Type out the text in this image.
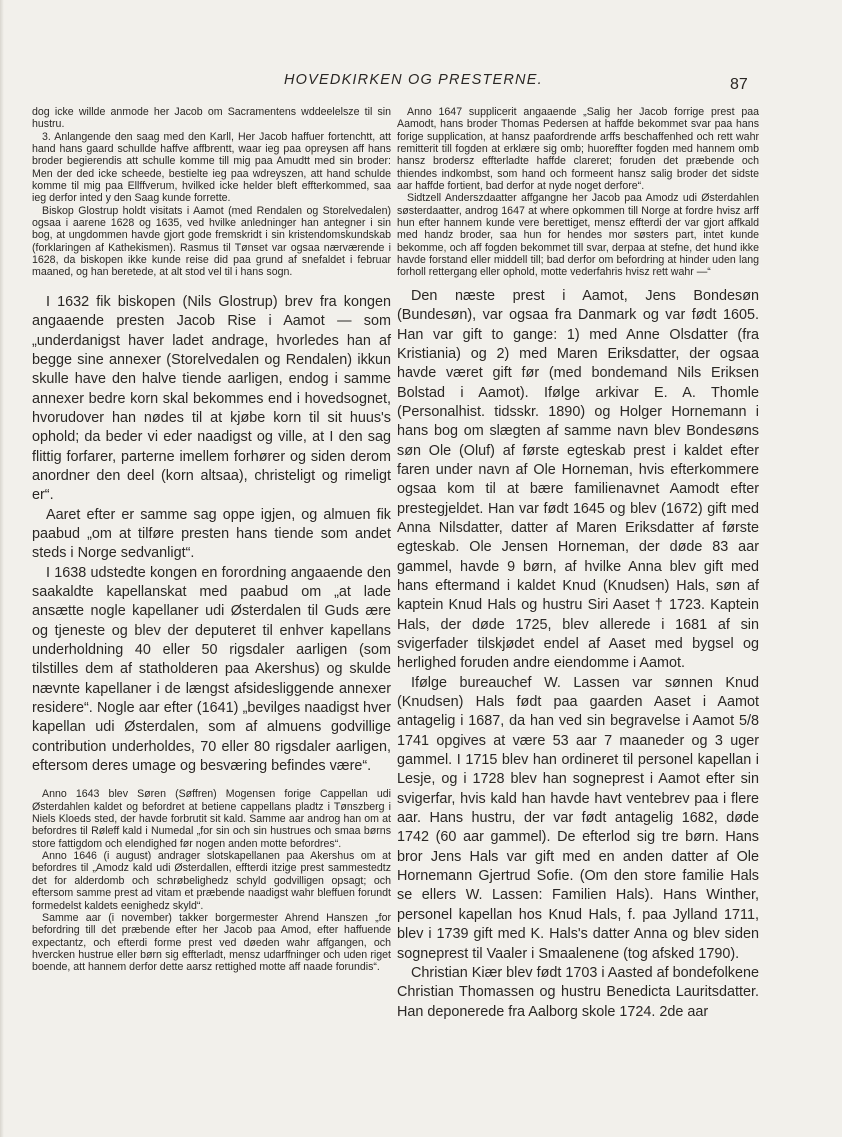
HOVEDKIRKEN OG PRESTERNE.	87

dog icke willde anmode her Jacob om Sacramentens wddeelelsze til sin hustru.

3. Anlangende den saag med den Karll, Her Jacob haffuer fortenchtt, att hand hans gaard schullde haffve affbrentt, waar ieg paa opreysen aff hans broder begierendis att schulle komme till mig paa Amudtt med sin broder: Men der ded icke scheede, bestielte ieg paa wdreyszen, att hand schulde komme til mig paa Ellffverum, hvilked icke helder bleft effterkommed, saa ieg derfor inted y den Saag kunde forrette.

Biskop Glostrup holdt visitats i Aamot (med Rendalen og Storelvedalen) ogsaa i aarene 1628 og 1635, ved hvilke anledninger han antegner i sin bog, at ungdommen havde gjort gode fremskridt i sin kristendomskundskab (forklaringen af Kathekismen). Rasmus til Tønset var ogsaa nærværende i 1628, da biskopen ikke kunde reise did paa grund af snefaldet i februar maaned, og han beretede, at alt stod vel til i hans sogn.

I 1632 fik biskopen (Nils Glostrup) brev fra kongen angaaende presten Jacob Rise i Aamot — som „underdanigst haver ladet andrage, hvorledes han af begge sine annexer (Storelvedalen og Rendalen) ikkun skulle have den halve tiende aarligen, endog i samme annexer bedre korn skal bekommes end i hovedsognet, hvorudover han nødes til at kjøbe korn til sit huus's ophold; da beder vi eder naadigst og ville, at I den sag flittig forfarer, parterne imellem forhører og siden derom anordner den deel (korn altsaa), christeligt og rimeligt er“.

Aaret efter er samme sag oppe igjen, og almuen fik paabud „om at tilføre presten hans tiende som andet steds i Norge sedvanligt“.

I 1638 udstedte kongen en forordning angaaende den saakaldte kapellanskat med paabud om „at lade ansætte nogle kapellaner udi Østerdalen til Guds ære og tjeneste og blev der deputeret til enhver kapellans underholdning 40 eller 50 rigsdaler aarligen (som tilstilles dem af statholderen paa Akershus) og skulde nævnte kapellaner i de længst afsidesliggende annexer residere“. Nogle aar efter (1641) „bevilges naadigst hver kapellan udi Østerdalen, som af almuens godvillige contribution underholdes, 70 eller 80 rigsdaler aarligen, eftersom deres umage og besværing befindes være“.

Anno 1643 blev Søren (Søffren) Mogensen forige Cappellan udi Østerdahlen kaldet og befordret at betiene cappellans pladtz i Tønszberg i Niels Kloeds sted, der havde forbrutit sit kald. Samme aar androg han om at befordres til Røleff kald i Numedal „for sin och sin hustrues och smaa børns store fattigdom och elendighed før nogen anden motte befordres“.

Anno 1646 (i august) andrager slotskapellanen paa Akershus om at befordres til „Amodz kald udi Østerdallen, effterdi itzige prest sammestedtz det for alderdomb och schrøbelighedz schyld godvilligen opsagt; och eftersom samme prest ad vitam et præbende naadigst wahr bleffuen forundt formedelst kaldets eenighedz skyld“.

Samme aar (i november) takker borgermester Ahrend Hanszen „for befordring till det præbende efter her Jacob paa Amod, efter haffuende expectantz, och efterdi forme prest ved døeden wahr affgangen, och hvercken hustrue eller børn sig effterladt, mensz udarffninger och uden riget boende, att hannem derfor dette aarsz rettighed motte aff naade forundis“.

Anno 1647 supplicerit angaaende „Salig her Jacob forrige prest paa Aamodt, hans broder Thomas Pedersen at haffde bekommet svar paa hans forige supplication, at hansz paafordrende arffs beschaffenhed och rett wahr remitterit till fogden at erklære sig omb; huoreffter fogden med hannem omb hansz brodersz effterladte haffde clareret; foruden det præbende och thiendes indkombst, som hand och formeent hansz salig broder det sidste aar haffde fortient, bad derfor at nyde noget derfore“.

Sidtzell Anderszdaatter affgangne her Jacob paa Amodz udi Østerdahlen søsterdaatter, androg 1647 at where opkommen till Norge at fordre hvisz arff hun efter hannem kunde vere berettiget, mensz effterdi der var gjort affkald med handz broder, saa hun for hendes mor søsters part, intet kunde bekomme, och aff fogden bekommet till svar, derpaa at stefne, det hund ikke havde forstand eller middell till; bad derfor om befordring at hinder uden lang forholl rettergang eller ophold, motte vederfahris hvisz rett wahr —“

Den næste prest i Aamot, Jens Bondesøn (Bundesøn), var ogsaa fra Danmark og var født 1605. Han var gift to gange: 1) med Anne Olsdatter (fra Kristiania) og 2) med Maren Eriksdatter, der ogsaa havde været gift før (med bondemand Nils Eriksen Bolstad i Aamot). Ifølge arkivar E. A. Thomle (Personalhist. tidsskr. 1890) og Holger Hornemann i hans bog om slægten af samme navn blev Bondesøns søn Ole (Oluf) af første egteskab prest i kaldet efter faren under navn af Ole Horneman, hvis efterkommere ogsaa kom til at bære familienavnet Aamodt efter prestegjeldet. Han var født 1645 og blev (1672) gift med Anna Nilsdatter, datter af Maren Eriksdatter af første egteskab. Ole Jensen Horneman, der døde 83 aar gammel, havde 9 børn, af hvilke Anna blev gift med hans eftermand i kaldet Knud (Knudsen) Hals, søn af kaptein Knud Hals og hustru Siri Aaset † 1723. Kaptein Hals, der døde 1725, blev allerede i 1681 af sin svigerfader tilskjødet endel af Aaset med bygsel og herlighed foruden andre eiendomme i Aamot.

Ifølge bureauchef W. Lassen var sønnen Knud (Knudsen) Hals født paa gaarden Aaset i Aamot antagelig i 1687, da han ved sin begravelse i Aamot 5/8 1741 opgives at være 53 aar 7 maaneder og 3 uger gammel. I 1715 blev han ordineret til personel kapellan i Lesje, og i 1728 blev han sogneprest i Aamot efter sin svigerfar, hvis kald han havde havt ventebrev paa i flere aar. Hans hustru, der var født antagelig 1682, døde 1742 (60 aar gammel). De efterlod sig tre børn. Hans bror Jens Hals var gift med en anden datter af Ole Hornemann Gjertrud Sofie. (Om den store familie Hals se ellers W. Lassen: Familien Hals). Hans Winther, personel kapellan hos Knud Hals, f. paa Jylland 1711, blev i 1739 gift med K. Hals's datter Anna og blev siden sogneprest til Vaaler i Smaalenene (tog afsked 1790).

Christian Kiær blev født 1703 i Aasted af bondefolkene Christian Thomassen og hustru Benedicta Lauritsdatter. Han deponerede fra Aalborg skole 1724. 2de aar
